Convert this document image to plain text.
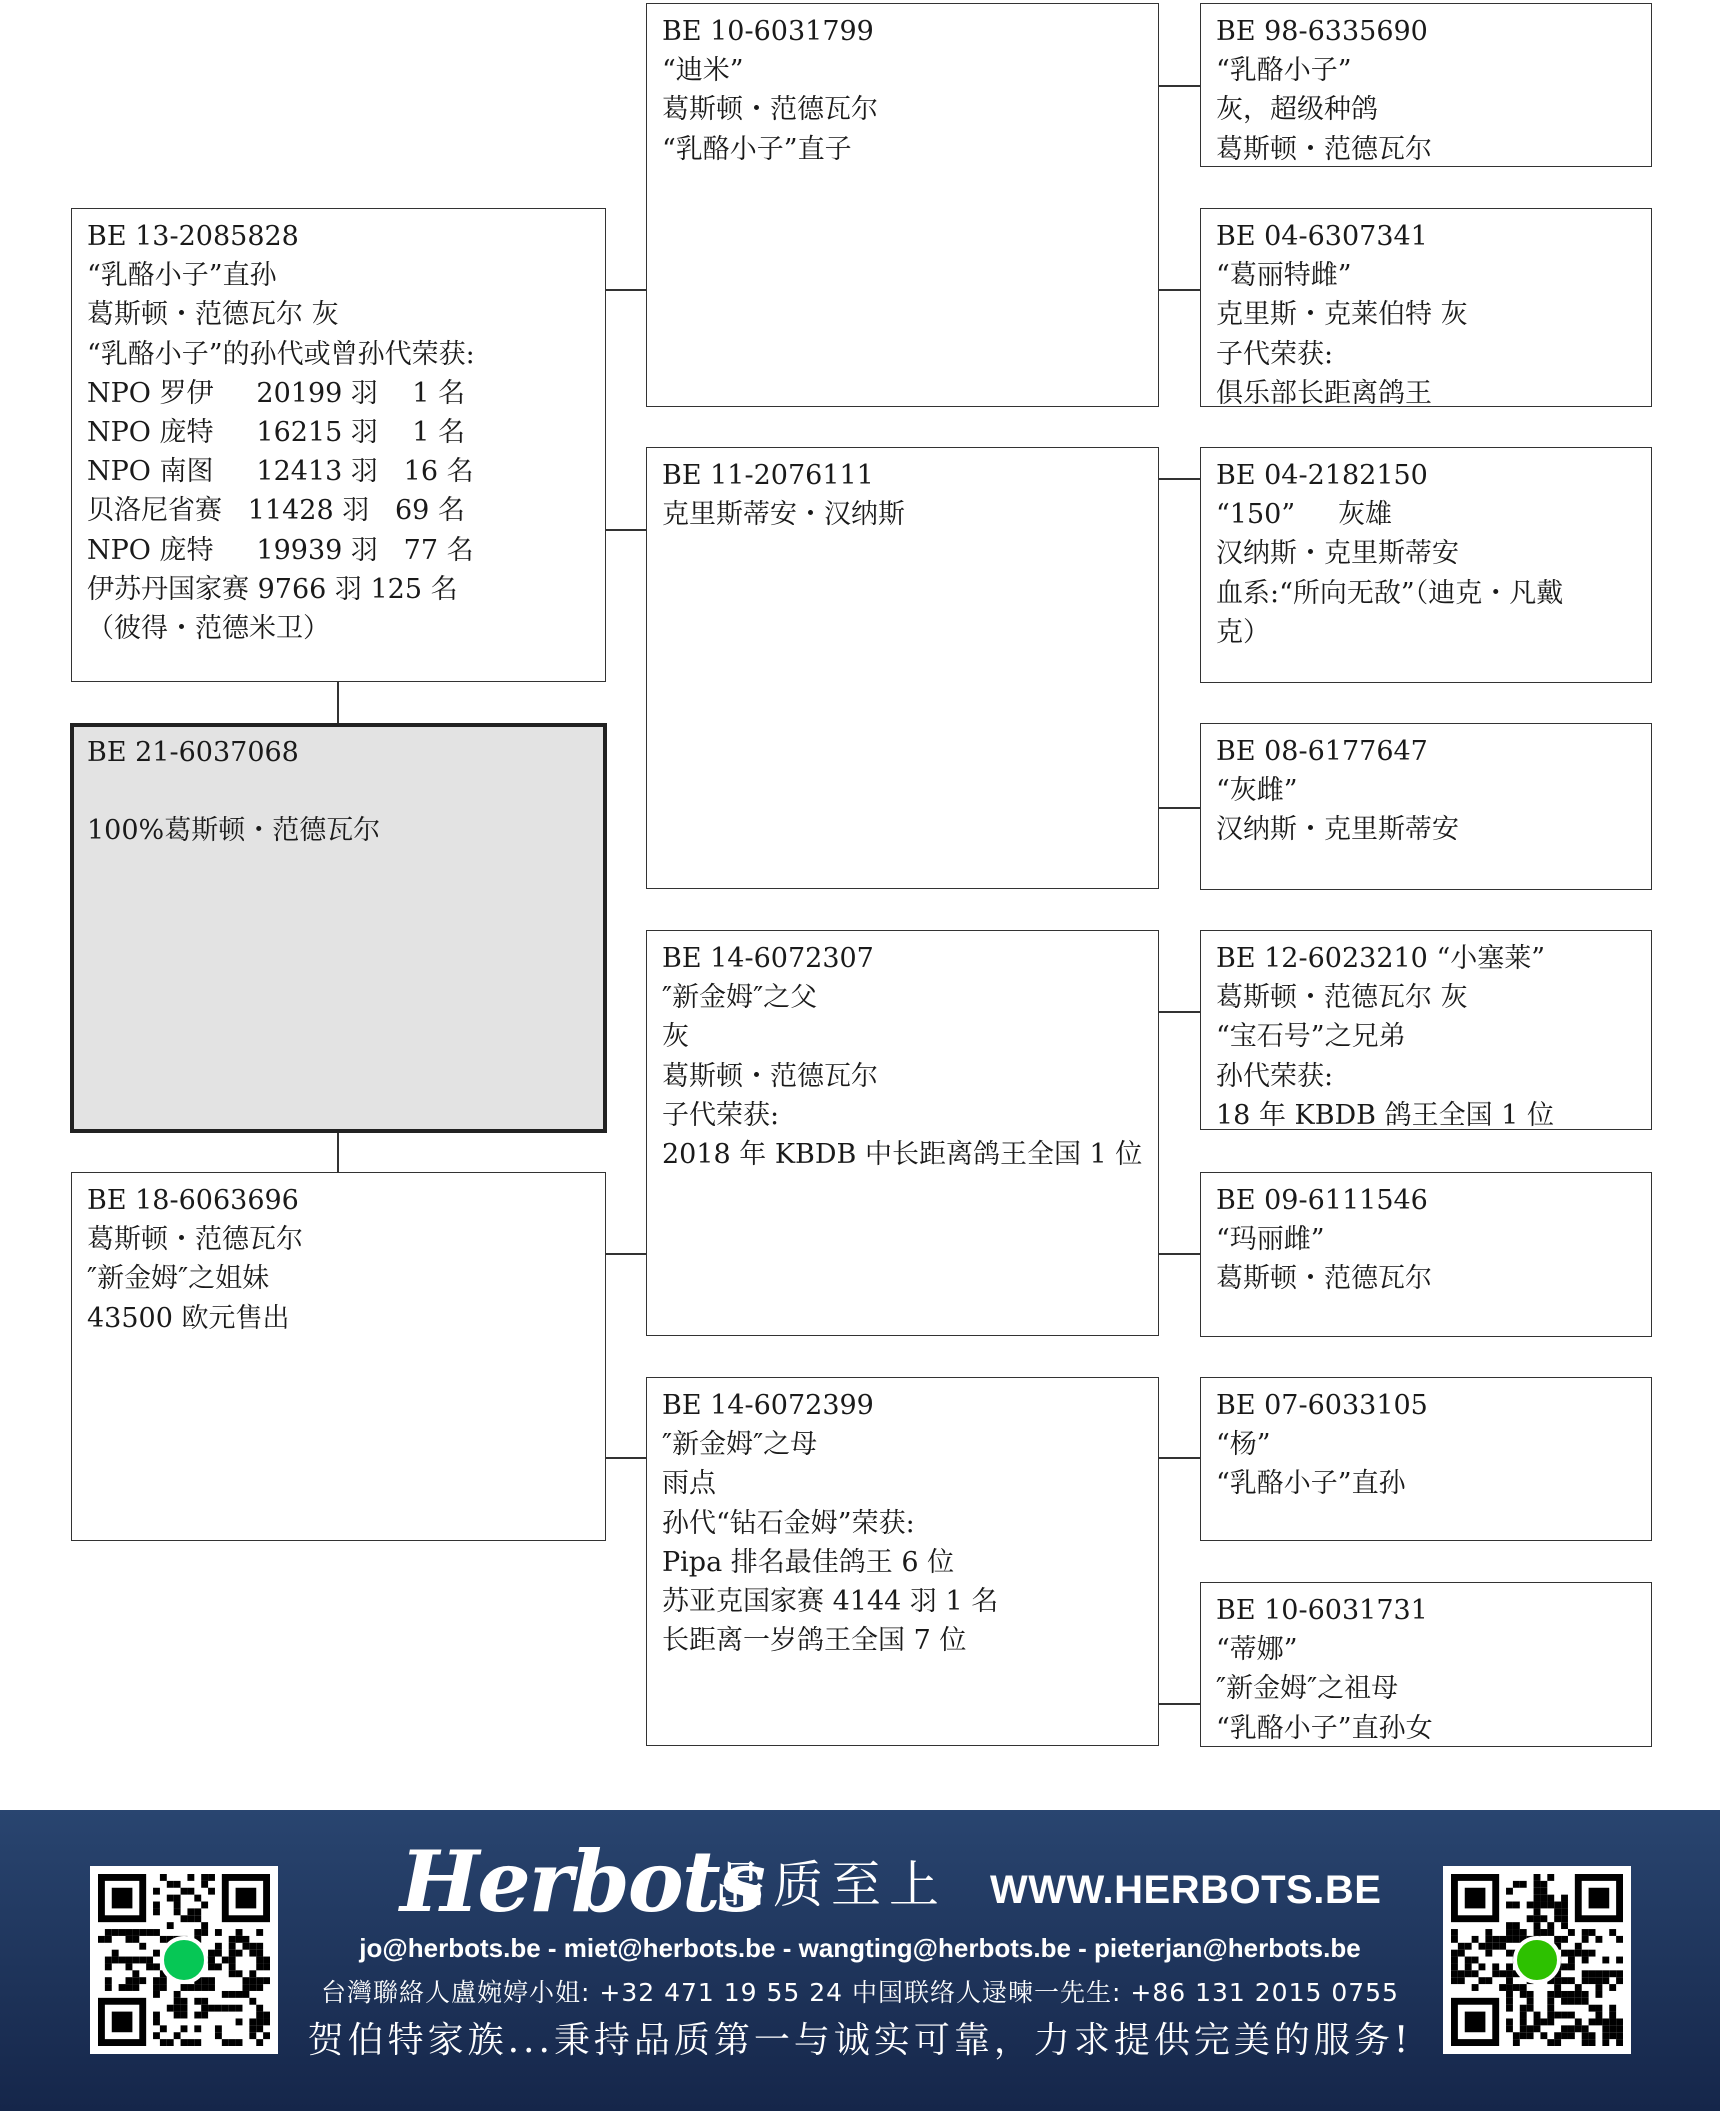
BE 13-2085828
“乳酪小子”直孙
葛斯顿・范德瓦尔 灰
“乳酪小子”的孙代或曾孙代荣获:
NPO 罗伊     20199 羽    1 名
NPO 庞特     16215 羽    1 名
NPO 南图     12413 羽   16 名
贝洛尼省赛   11428 羽   69 名
NPO 庞特     19939 羽   77 名
伊苏丹国家赛 9766 羽 125 名
（彼得・范德米卫）
BE 21-6037068
100%葛斯顿・范德瓦尔
BE 18-6063696
葛斯顿・范德瓦尔
″新金姆″之姐妹
43500 欧元售出
BE 10-6031799
“迪米”
葛斯顿・范德瓦尔
“乳酪小子”直子
BE 11-2076111
克里斯蒂安・汉纳斯
BE 14-6072307
″新金姆″之父
灰
葛斯顿・范德瓦尔
子代荣获:
2018 年 KBDB 中长距离鸽王全国 1 位
BE 14-6072399
″新金姆″之母
雨点
孙代“钻石金姆”荣获:
Pipa 排名最佳鸽王 6 位
苏亚克国家赛 4144 羽 1 名
长距离一岁鸽王全国 7 位
BE 98-6335690
“乳酪小子”
灰，超级种鸽
葛斯顿・范德瓦尔
BE 04-6307341
“葛丽特雌”
克里斯・克莱伯特 灰
子代荣获:
俱乐部长距离鸽王
BE 04-2182150
“150”     灰雄
汉纳斯・克里斯蒂安
血系:“所向无敌”（迪克・凡戴
克）
BE 08-6177647
“灰雌”
汉纳斯・克里斯蒂安
BE 12-6023210 “小塞莱”
葛斯顿・范德瓦尔 灰
“宝石号”之兄弟
孙代荣获:
18 年 KBDB 鸽王全国 1 位
BE 09-6111546
“玛丽雌”
葛斯顿・范德瓦尔
BE 07-6033105
“杨”
“乳酪小子”直孙
BE 10-6031731
“蒂娜”
″新金姆″之祖母
“乳酪小子”直孙女
Herbots
品质至上 WWW.HERBOTS.BE
jo@herbots.be - miet@herbots.be - wangting@herbots.be - pieterjan@herbots.be
台灣聯絡人盧婉婷小姐: +32 471 19 55 24 中国联络人逯暕一先生: +86 131 2015 0755
贺伯特家族...秉持品质第一与诚实可靠，力求提供完美的服务!
